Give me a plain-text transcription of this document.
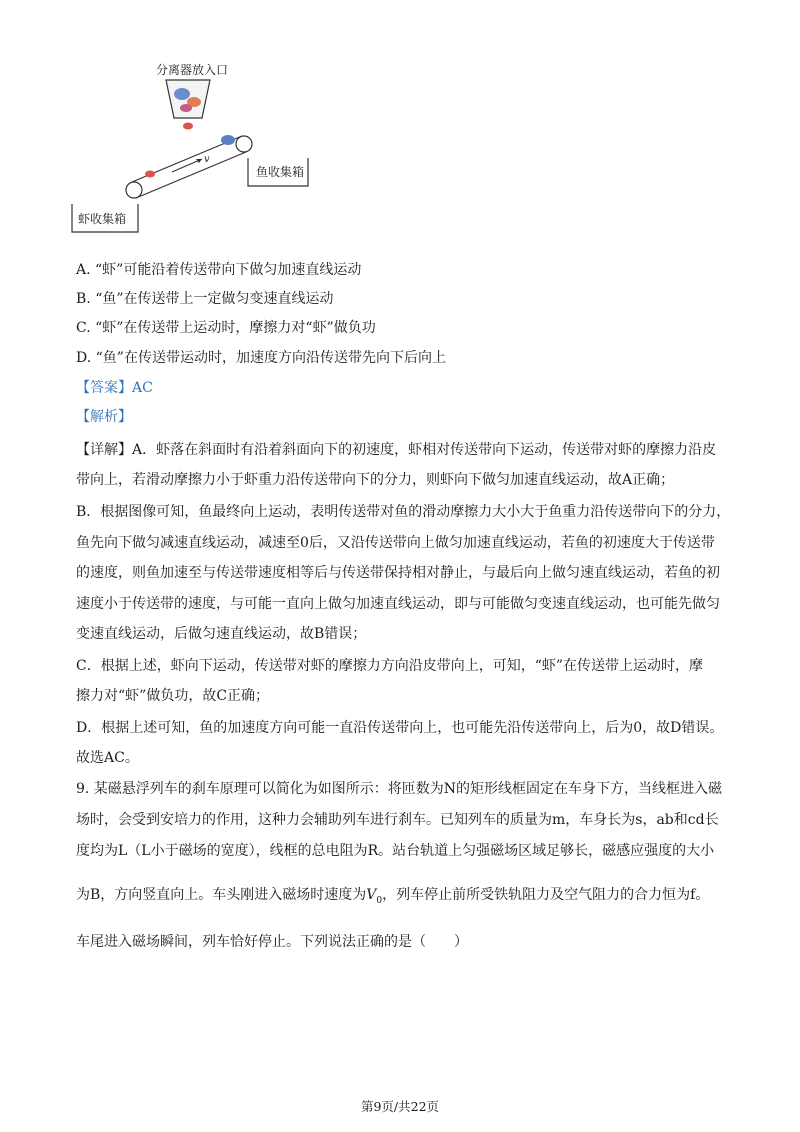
分离器放入口
v
鱼收集箱
虾收集箱
A. “虾”可能沿着传送带向下做匀加速直线运动
B. “鱼”在传送带上一定做匀变速直线运动
C. “虾”在传送带上运动时，摩擦力对“虾”做负功
D. “鱼”在传送带运动时，加速度方向沿传送带先向下后向上
【答案】AC
【解析】
【详解】A．虾落在斜面时有沿着斜面向下的初速度，虾相对传送带向下运动，传送带对虾的摩擦力沿皮
带向上，若滑动摩擦力小于虾重力沿传送带向下的分力，则虾向下做匀加速直线运动，故A正确；
B．根据图像可知，鱼最终向上运动，表明传送带对鱼的滑动摩擦力大小大于鱼重力沿传送带向下的分力，
鱼先向下做匀减速直线运动，减速至0后，又沿传送带向上做匀加速直线运动，若鱼的初速度大于传送带
的速度，则鱼加速至与传送带速度相等后与传送带保持相对静止，与最后向上做匀速直线运动，若鱼的初
速度小于传送带的速度，与可能一直向上做匀加速直线运动，即与可能做匀变速直线运动，也可能先做匀
变速直线运动，后做匀速直线运动，故B错误；
C．根据上述，虾向下运动，传送带对虾的摩擦力方向沿皮带向上，可知，“虾”在传送带上运动时，摩
擦力对“虾”做负功，故C正确；
D．根据上述可知，鱼的加速度方向可能一直沿传送带向上，也可能先沿传送带向上，后为0，故D错误。
故选AC。
9. 某磁悬浮列车的刹车原理可以简化为如图所示：将匝数为N的矩形线框固定在车身下方，当线框进入磁
场时，会受到安培力的作用，这种力会辅助列车进行刹车。已知列车的质量为m，车身长为s，ab和cd长
度均为L（L小于磁场的宽度），线框的总电阻为R。站台轨道上匀强磁场区域足够长，磁感应强度的大小
为B，方向竖直向上。车头刚进入磁场时速度为$V_0$，列车停止前所受铁轨阻力及空气阻力的合力恒为f。
车尾进入磁场瞬间，列车恰好停止。下列说法正确的是（　　）
第9页/共22页
